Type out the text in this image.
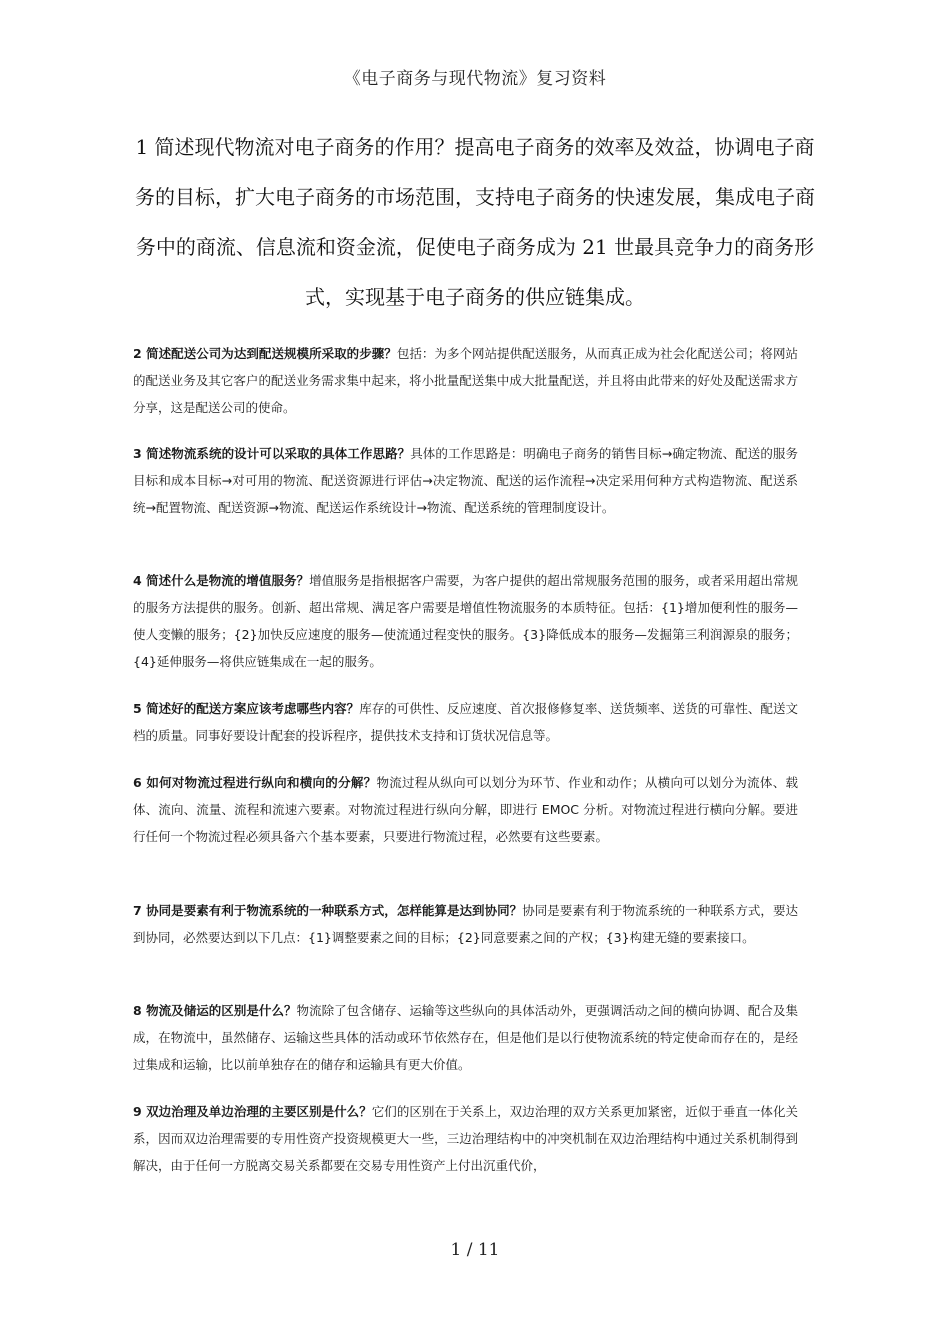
《电子商务与现代物流》复习资料
1 简述现代物流对电子商务的作用？提高电子商务的效率及效益，协调电子商务的目标，扩大电子商务的市场范围，支持电子商务的快速发展，集成电子商务中的商流、信息流和资金流，促使电子商务成为 21 世最具竞争力的商务形式，实现基于电子商务的供应链集成。
2 简述配送公司为达到配送规模所采取的步骤？包括：为多个网站提供配送服务，从而真正成为社会化配送公司；将网站的配送业务及其它客户的配送业务需求集中起来，将小批量配送集中成大批量配送，并且将由此带来的好处及配送需求方分享，这是配送公司的使命。
3 简述物流系统的设计可以采取的具体工作思路？具体的工作思路是：明确电子商务的销售目标→确定物流、配送的服务目标和成本目标→对可用的物流、配送资源进行评估→决定物流、配送的运作流程→决定采用何种方式构造物流、配送系统→配置物流、配送资源→物流、配送运作系统设计→物流、配送系统的管理制度设计。
4 简述什么是物流的增值服务？增值服务是指根据客户需要，为客户提供的超出常规服务范围的服务，或者采用超出常规的服务方法提供的服务。创新、超出常规、满足客户需要是增值性物流服务的本质特征。包括：{1}增加便利性的服务—使人变懒的服务；{2}加快反应速度的服务—使流通过程变快的服务。{3}降低成本的服务—发掘第三利润源泉的服务；{4}延伸服务—将供应链集成在一起的服务。
5 简述好的配送方案应该考虑哪些内容？库存的可供性、反应速度、首次报修修复率、送货频率、送货的可靠性、配送文档的质量。同事好要设计配套的投诉程序，提供技术支持和订货状况信息等。
6 如何对物流过程进行纵向和横向的分解？物流过程从纵向可以划分为环节、作业和动作；从横向可以划分为流体、载体、流向、流量、流程和流速六要素。对物流过程进行纵向分解，即进行 EMOC 分析。对物流过程进行横向分解。要进行任何一个物流过程必须具备六个基本要素，只要进行物流过程，必然要有这些要素。
7 协同是要素有利于物流系统的一种联系方式，怎样能算是达到协同？协同是要素有利于物流系统的一种联系方式，要达到协同，必然要达到以下几点：{1}调整要素之间的目标；{2}同意要素之间的产权；{3}构建无缝的要素接口。
8 物流及储运的区别是什么？物流除了包含储存、运输等这些纵向的具体活动外，更强调活动之间的横向协调、配合及集成，在物流中，虽然储存、运输这些具体的活动或环节依然存在，但是他们是以行使物流系统的特定使命而存在的，是经过集成和运输，比以前单独存在的储存和运输具有更大价值。
9 双边治理及单边治理的主要区别是什么？它们的区别在于关系上，双边治理的双方关系更加紧密，近似于垂直一体化关系，因而双边治理需要的专用性资产投资规模更大一些，三边治理结构中的冲突机制在双边治理结构中通过关系机制得到解决，由于任何一方脱离交易关系都要在交易专用性资产上付出沉重代价，
1 / 11
